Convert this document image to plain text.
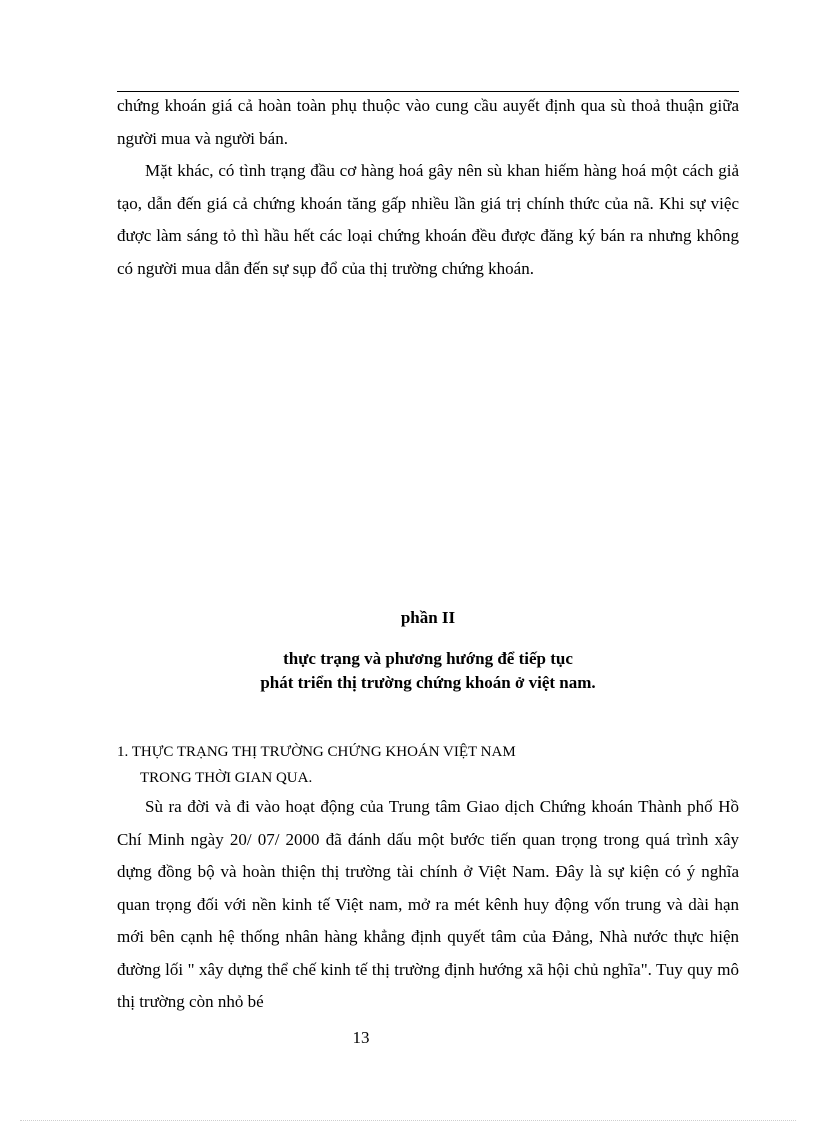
chứng khoán giá cả hoàn toàn phụ thuộc vào cung cầu auyết định qua sù thoả thuận giữa người mua và người bán.

Mặt khác, có tình trạng đầu cơ hàng hoá gây nên sù khan hiếm hàng hoá một cách giả tạo, dẫn đến giá cả chứng khoán tăng gấp nhiều lần giá trị chính thức của nã. Khi sự việc được làm sáng tỏ thì hầu hết các loại chứng khoán đều được đăng ký bán ra nhưng không có người mua dẫn đến sự sụp đổ của thị trường chứng khoán.

phần II

thực trạng và phương hướng để tiếp tục
phát triển thị trường chứng khoán ở việt nam.

1. THỰC TRẠNG THỊ TRƯỜNG CHỨNG KHOÁN VIỆT NAM

TRONG THỜI GIAN QUA.

Sù ra đời và đi vào hoạt động của Trung tâm Giao dịch Chứng khoán Thành phố Hồ Chí Minh ngày 20/ 07/ 2000 đã đánh dấu một bước tiến quan trọng trong quá trình xây dựng đồng bộ và hoàn thiện thị trường tài chính ở Việt Nam. Đây là sự kiện có ý nghĩa quan trọng đối với nền kinh tế Việt nam, mở ra mét kênh huy động vốn trung và dài hạn mới bên cạnh hệ thống nhân hàng khẳng định quyết tâm của Đảng, Nhà nước thực hiện đường lối " xây dựng thể chế kinh tế thị trường định hướng xã hội chủ nghĩa". Tuy quy mô thị trường còn nhỏ bé

13
